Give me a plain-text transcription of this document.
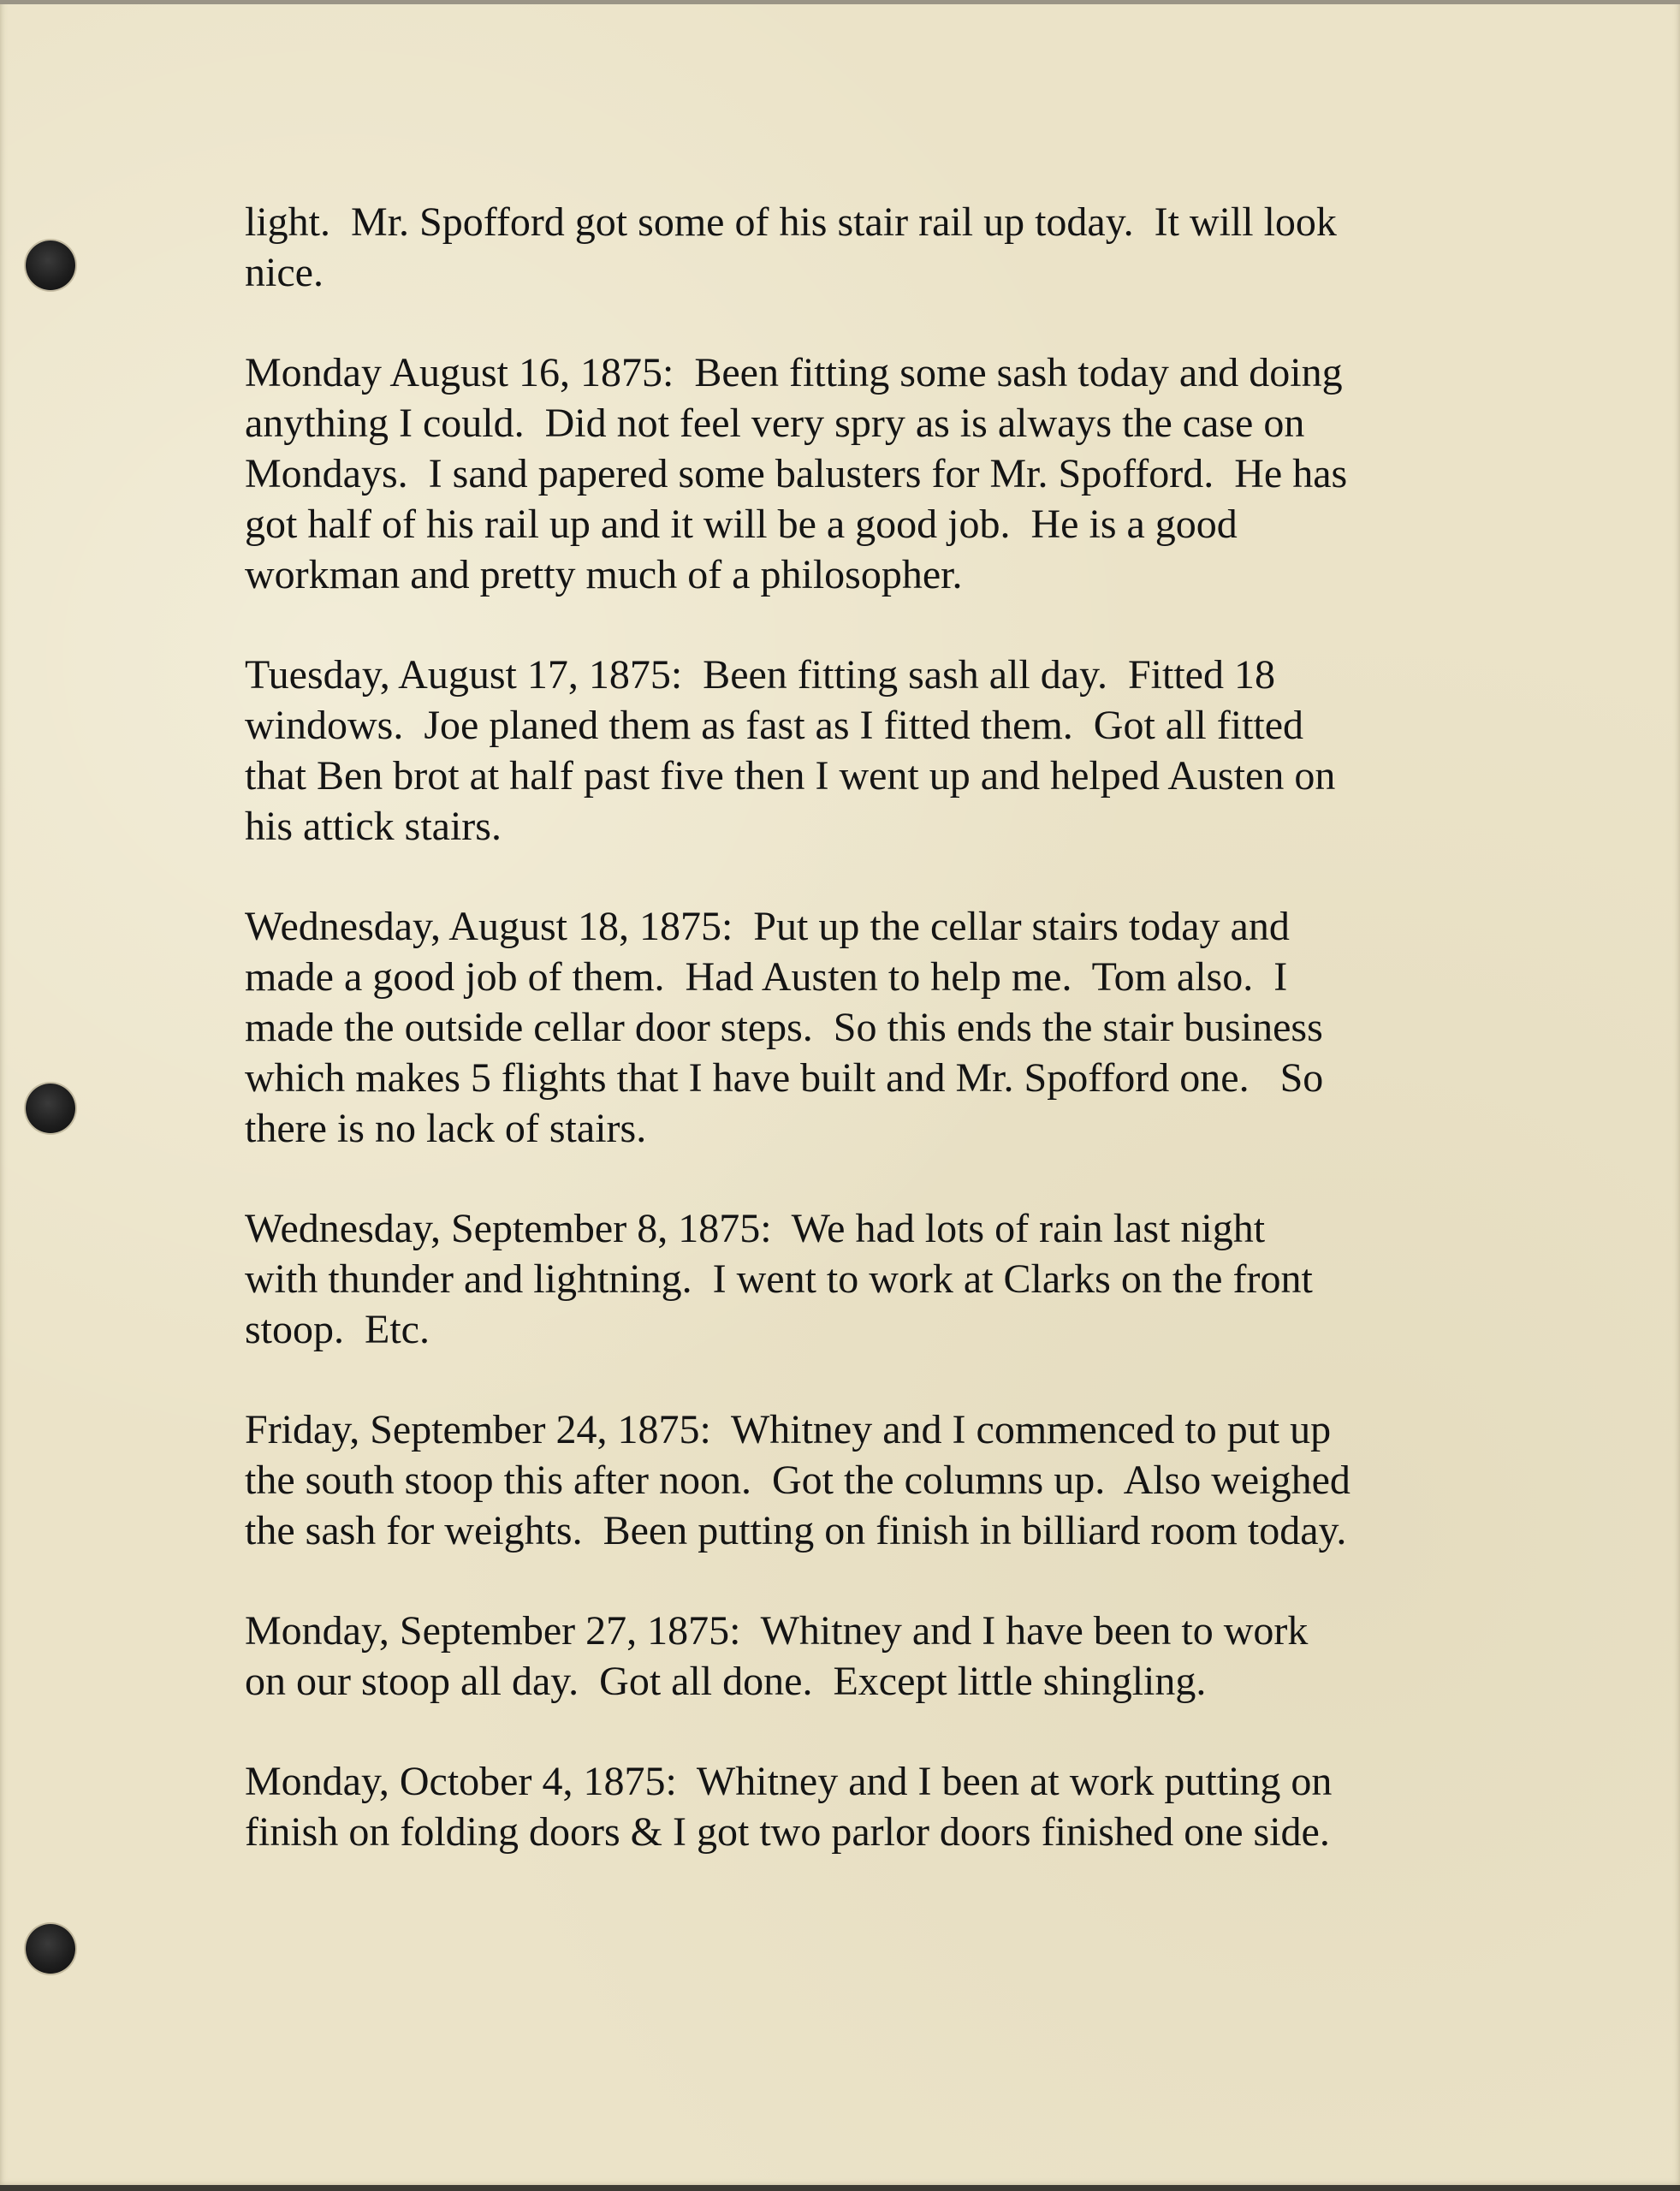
light.  Mr. Spofford got some of his stair rail up today.  It will look
nice.

Monday August 16, 1875:  Been fitting some sash today and doing
anything I could.  Did not feel very spry as is always the case on
Mondays.  I sand papered some balusters for Mr. Spofford.  He has
got half of his rail up and it will be a good job.  He is a good
workman and pretty much of a philosopher.

Tuesday, August 17, 1875:  Been fitting sash all day.  Fitted 18
windows.  Joe planed them as fast as I fitted them.  Got all fitted
that Ben brot at half past five then I went up and helped Austen on
his attick stairs.

Wednesday, August 18, 1875:  Put up the cellar stairs today and
made a good job of them.  Had Austen to help me.  Tom also.  I
made the outside cellar door steps.  So this ends the stair business
which makes 5 flights that I have built and Mr. Spofford one.   So
there is no lack of stairs.

Wednesday, September 8, 1875:  We had lots of rain last night
with thunder and lightning.  I went to work at Clarks on the front
stoop.  Etc.

Friday, September 24, 1875:  Whitney and I commenced to put up
the south stoop this after noon.  Got the columns up.  Also weighed
the sash for weights.  Been putting on finish in billiard room today.

Monday, September 27, 1875:  Whitney and I have been to work
on our stoop all day.  Got all done.  Except little shingling.

Monday, October 4, 1875:  Whitney and I been at work putting on
finish on folding doors & I got two parlor doors finished one side.
